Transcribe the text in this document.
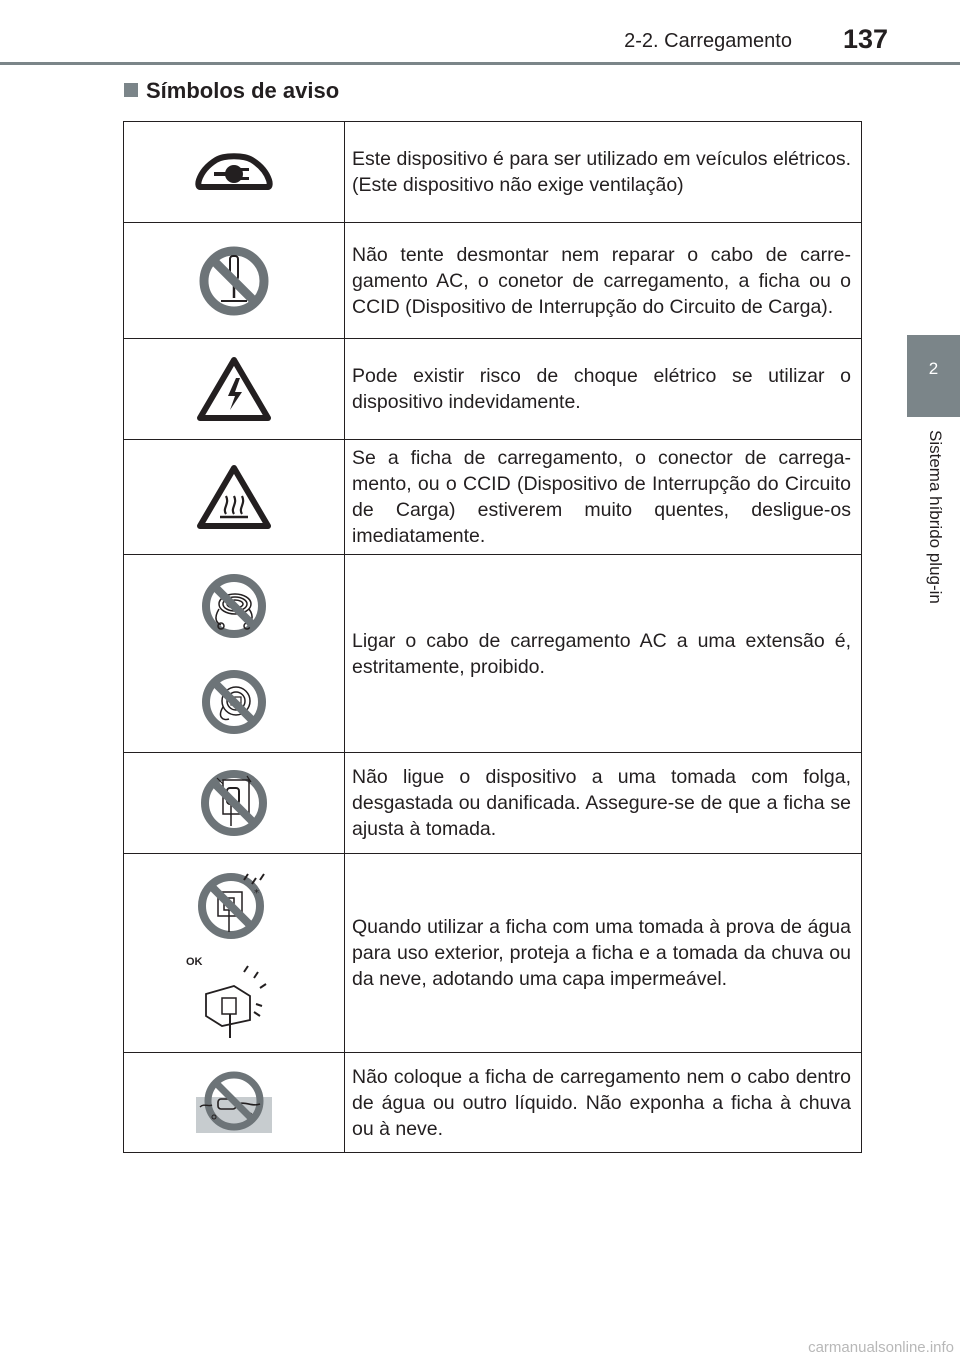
2-2. Carregamento 137
2
Sistema híbrido plug-in
Símbolos de aviso
	Este dispositivo é para ser utilizado em veículos elétricos. (Este dispositivo não exige ventilação)

	Não tente desmontar nem reparar o cabo de carregamento AC, o conetor de carregamento, a ficha ou o CCID (Dispositivo de Interrupção do Circuito de Carga).

	Pode existir risco de choque elétrico se utilizar o dispositivo indevidamente.

	Se a ficha de carregamento, o conector de carregamento, ou o CCID (Dispositivo de Interrupção do Circuito de Carga) estiverem muito quentes, desligue-os imediatamente.

	Ligar o cabo de carregamento AC a uma extensão é, estritamente, proibido.

	Não ligue o dispositivo a uma tomada com folga, desgastada ou danificada. Assegure-se de que a ficha se ajusta à tomada.

*
OK	Quando utilizar a ficha com uma tomada à prova de água para uso exterior, proteja a ficha e a tomada da chuva ou da neve, adotando uma capa impermeável.

	Não coloque a ficha de carregamento nem o cabo dentro de água ou outro líquido. Não exponha a ficha à chuva ou à neve.
carmanualsonline.info
